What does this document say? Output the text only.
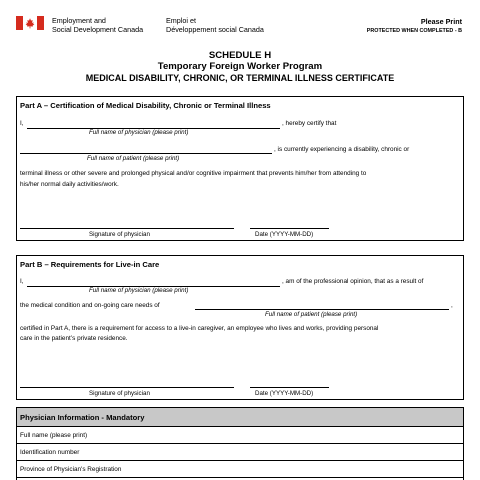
Employment and
Social Development Canada
Emploi et
Développement social Canada
Please Print
PROTECTED WHEN COMPLETED - B
SCHEDULE H
Temporary Foreign Worker Program
MEDICAL DISABILITY, CHRONIC, OR TERMINAL ILLNESS CERTIFICATE
Part A – Certification of Medical Disability, Chronic or Terminal Illness
I,	, hereby certify that
Full name of physician (please print)
, is currently experiencing a disability, chronic or
Full name of patient (please print)
terminal illness or other severe and prolonged physical and/or cognitive impairment that prevents him/her from attending to
his/her normal daily activities/work.
Signature of physician	Date (YYYY-MM-DD)
Part B – Requirements for Live-in Care
I,	, am of the professional opinion, that as a result of
Full name of physician (please print)
the medical condition and on-going care needs of	,
Full name of patient (please print)
certified in Part A, there is a requirement for access to a live-in caregiver, an employee who lives and works, providing personal
care in the patient’s private residence.
Signature of physician	Date (YYYY-MM-DD)
Physician Information - Mandatory
Full name (please print)
Identification number
Province of Physician's Registration
